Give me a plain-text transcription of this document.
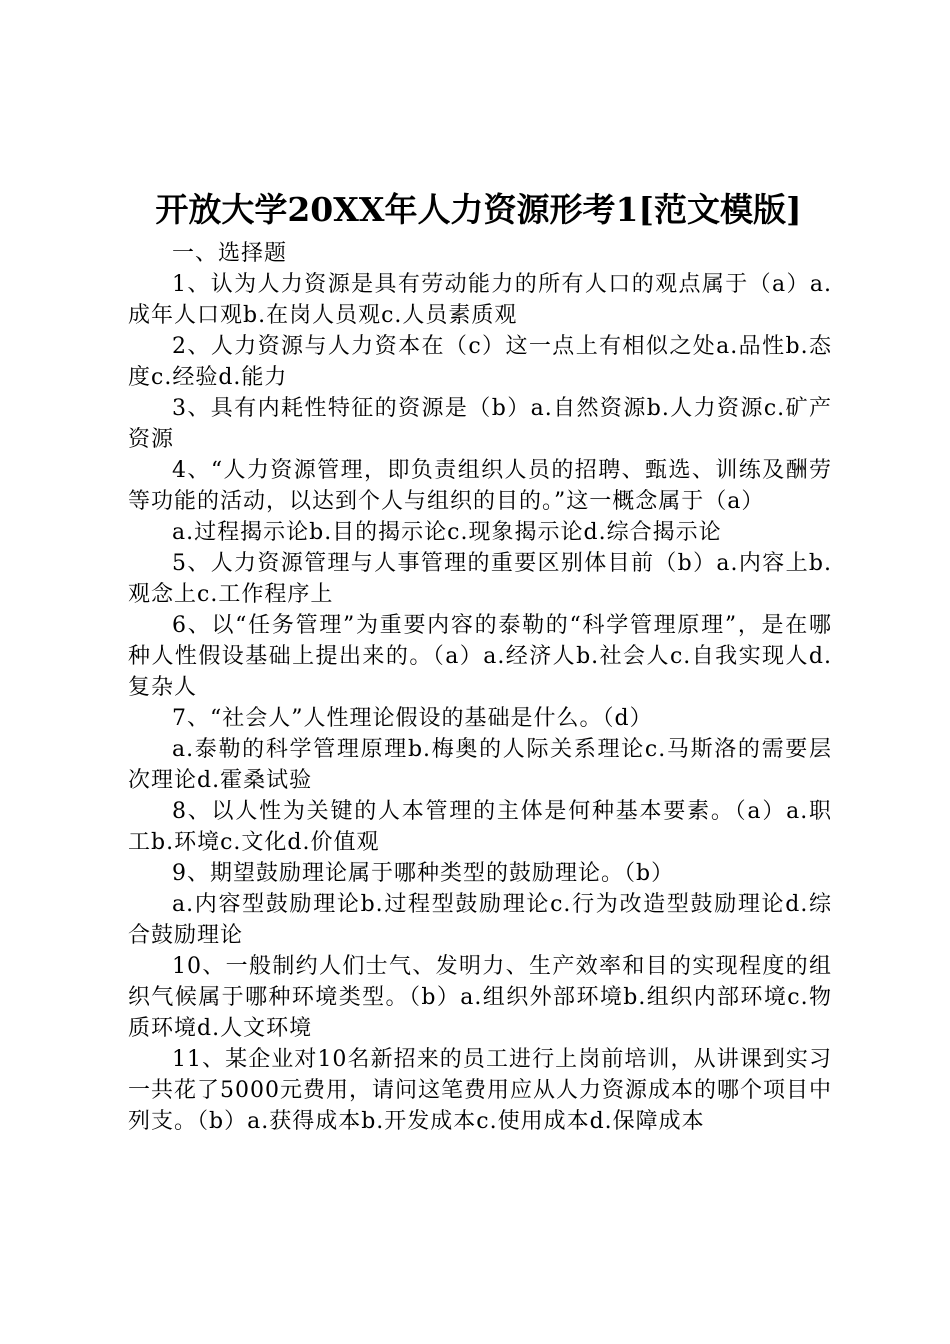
开放大学20XX年人力资源形考1[范文模版]

一、选择题

1、认为人力资源是具有劳动能力的所有人口的观点属于（a）a.成年人口观b.在岗人员观c.人员素质观

2、人力资源与人力资本在（c）这一点上有相似之处a.品性b.态度c.经验d.能力

3、具有内耗性特征的资源是（b）a.自然资源b.人力资源c.矿产资源

4、“人力资源管理，即负责组织人员的招聘、甄选、训练及酬劳等功能的活动，以达到个人与组织的目的。”这一概念属于（a）

a.过程揭示论b.目的揭示论c.现象揭示论d.综合揭示论

5、人力资源管理与人事管理的重要区别体目前（b）a.内容上b.观念上c.工作程序上

6、以“任务管理”为重要内容的泰勒的“科学管理原理”，是在哪种人性假设基础上提出来的。（a）a.经济人b.社会人c.自我实现人d.复杂人

7、“社会人”人性理论假设的基础是什么。（d）

a.泰勒的科学管理原理b.梅奥的人际关系理论c.马斯洛的需要层次理论d.霍桑试验

8、以人性为关键的人本管理的主体是何种基本要素。（a）a.职工b.环境c.文化d.价值观

9、期望鼓励理论属于哪种类型的鼓励理论。（b）

a.内容型鼓励理论b.过程型鼓励理论c.行为改造型鼓励理论d.综合鼓励理论

10、一般制约人们士气、发明力、生产效率和目的实现程度的组织气候属于哪种环境类型。（b）a.组织外部环境b.组织内部环境c.物质环境d.人文环境

11、某企业对10名新招来的员工进行上岗前培训，从讲课到实习一共花了5000元费用，请问这笔费用应从人力资源成本的哪个项目中列支。（b）a.获得成本b.开发成本c.使用成本d.保障成本
